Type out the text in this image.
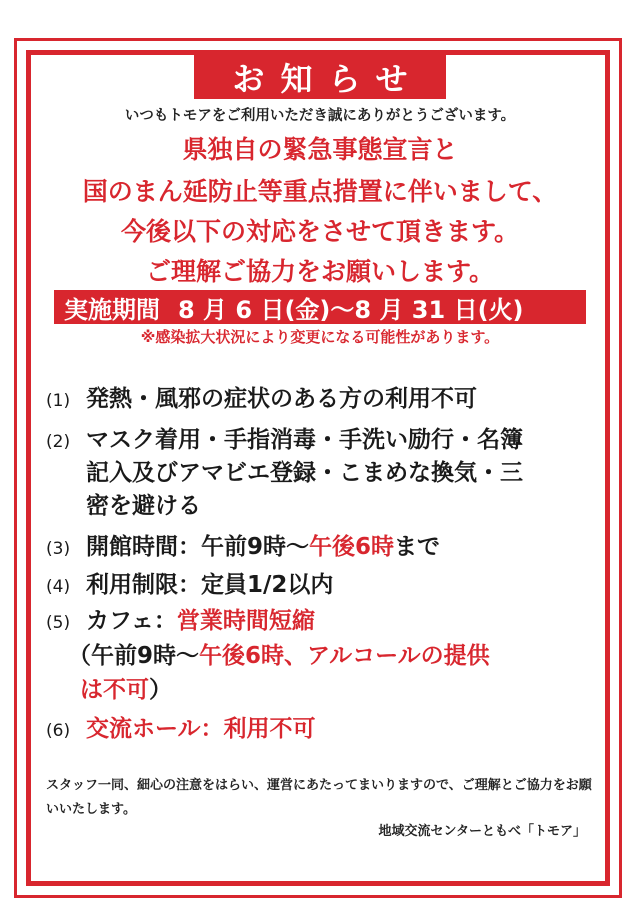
お知らせ
いつもトモアをご利用いただき誠にありがとうございます。
県独自の緊急事態宣言と
国のまん延防止等重点措置に伴いまして、
今後以下の対応をさせて頂きます。
ご理解ご協力をお願いします。
実施期間 8 月 6 日(金)～8 月 31 日(火)
※感染拡大状況により変更になる可能性があります。
(1) 発熱・風邪の症状のある方の利用不可
(2) マスク着用・手指消毒・手洗い励行・名簿
記入及びアマビエ登録・こまめな換気・三
密を避ける
(3) 開館時間：午前9時～午後6時まで
(4) 利用制限：定員1/2以内
(5) カフェ：営業時間短縮
（午前9時～午後6時、アルコールの提供
は不可）
(6) 交流ホール：利用不可
スタッフ一同、細心の注意をはらい、運営にあたってまいりますので、ご理解とご協力をお願いいたします。
地域交流センターともべ「トモア」
